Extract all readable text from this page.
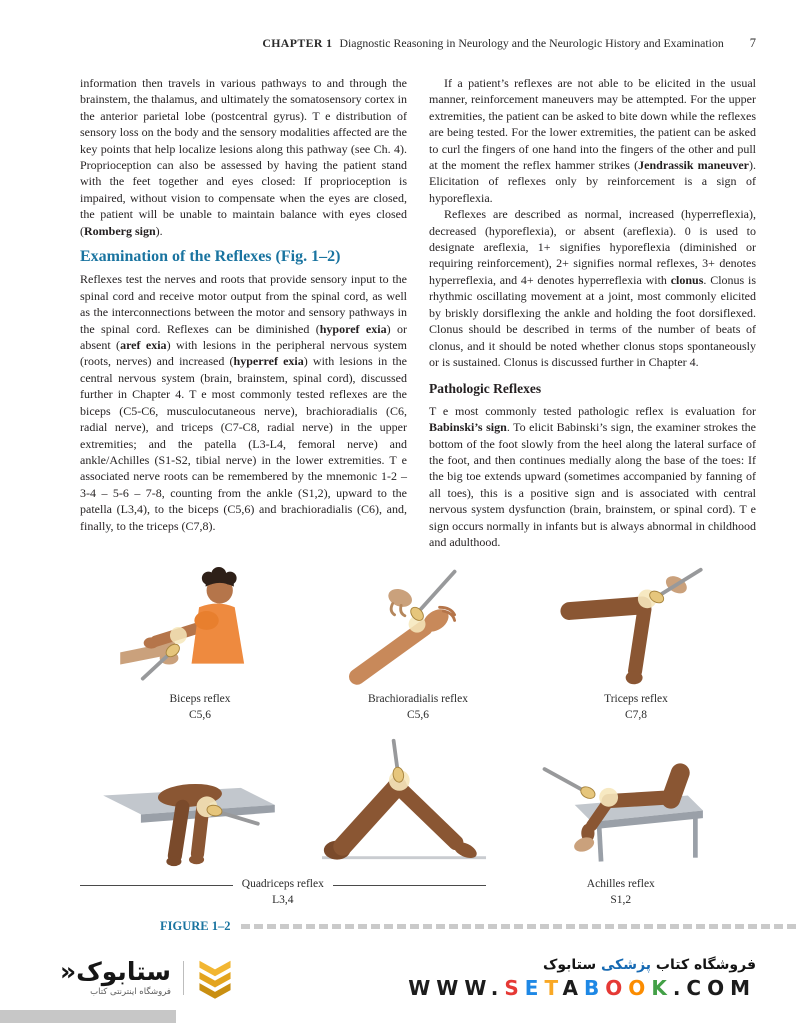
CHAPTER 1 Diagnostic Reasoning in Neurology and the Neurologic History and Examination 7

information then travels in various pathways to and through the brainstem, the thalamus, and ultimately the somatosensory cortex in the anterior parietal lobe (postcentral gyrus). T e distribution of sensory loss on the body and the sensory modalities affected are the key points that help localize lesions along this pathway (see Ch. 4). Proprioception can also be assessed by having the patient stand with the feet together and eyes closed: If proprioception is impaired, without vision to compensate when the eyes are closed, the patient will be unable to maintain balance with eyes closed (Romberg sign).

Examination of the Reflexes (Fig. 1–2)

Reflexes test the nerves and roots that provide sensory input to the spinal cord and receive motor output from the spinal cord, as well as the interconnections between the motor and sensory pathways in the spinal cord. Reflexes can be diminished (hyporef exia) or absent (aref exia) with lesions in the peripheral nervous system (roots, nerves) and increased (hyperref exia) with lesions in the central nervous system (brain, brainstem, spinal cord), discussed further in Chapter 4. T e most commonly tested reflexes are the biceps (C5-C6, musculocutaneous nerve), brachioradialis (C6, radial nerve), and triceps (C7-C8, radial nerve) in the upper extremities; and the patella (L3-L4, femoral nerve) and ankle/Achilles (S1-S2, tibial nerve) in the lower extremities. T e associated nerve roots can be remembered by the mnemonic 1-2 – 3-4 – 5-6 – 7-8, counting from the ankle (S1,2), upward to the patella (L3,4), to the biceps (C5,6) and brachioradialis (C6), and, finally, to the triceps (C7,8).

If a patient’s reflexes are not able to be elicited in the usual manner, reinforcement maneuvers may be attempted. For the upper extremities, the patient can be asked to bite down while the reflexes are being tested. For the lower extremities, the patient can be asked to curl the fingers of one hand into the fingers of the other and pull at the moment the reflex hammer strikes (Jendrassik maneuver). Elicitation of reflexes only by reinforcement is a sign of hyporeflexia.

Reflexes are described as normal, increased (hyperreflexia), decreased (hyporeflexia), or absent (areflexia). 0 is used to designate areflexia, 1+ signifies hyporeflexia (diminished or requiring reinforcement), 2+ signifies normal reflexes, 3+ denotes hyperreflexia, and 4+ denotes hyperreflexia with clonus. Clonus is rhythmic oscillating movement at a joint, most commonly elicited by briskly dorsiflexing the ankle and holding the foot dorsiflexed. Clonus should be described in terms of the number of beats of clonus, and it should be noted whether clonus stops spontaneously or is sustained. Clonus is discussed further in Chapter 4.

Pathologic Reflexes

T e most commonly tested pathologic reflex is evaluation for Babinski’s sign. To elicit Babinski’s sign, the examiner strokes the bottom of the foot slowly from the heel along the lateral surface of the foot, and then continues medially along the base of the toes: If the big toe extends upward (sometimes accompanied by fanning of all toes), this is a positive sign and is associated with central nervous system dysfunction (brain, brainstem, or spinal cord). T e sign occurs normally in infants but is always abnormal in childhood and adulthood.

Biceps reflex
C5,6
Brachioradialis reflex
C5,6
Triceps reflex
C7,8
Quadriceps reflex
L3,4
Achilles reflex
S1,2
FIGURE 1–2
ستابوک«
فروشگاه اینترنتی کتاب
فروشگاه کتاب پزشکی ستابوک
WWW.SETABOOK.COM
